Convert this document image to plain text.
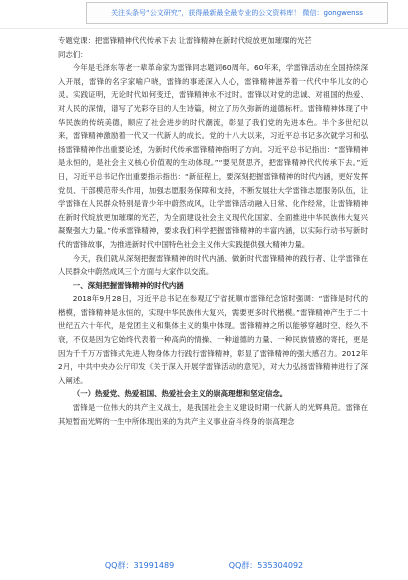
关注头条号“公文研究”，获得最新最全最专业的公文资料库！ 微信：gongwenss

专题党课：把雷锋精神代代传承下去 让雷锋精神在新时代绽放更加璀璨的光芒

同志们：

今年是毛泽东等老一辈革命家为雷锋同志题词60周年。60年来，学雷锋活动在全国持续深入开展，雷锋的名字家喻户晓，雷锋的事迹深入人心，雷锋精神滋养着一代代中华儿女的心灵。实践证明，无论时代如何变迁，雷锋精神永不过时。雷锋以对党的忠诚、对祖国的热爱、对人民的深情，谱写了光彩夺目的人生诗篇，树立了历久弥新的道德标杆。雷锋精神体现了中华民族的传统美德，顺应了社会进步的时代潮流，彰显了我们党的先进本色。半个多世纪以来，雷锋精神激励着一代又一代新人的成长。党的十八大以来，习近平总书记多次就学习和弘扬雷锋精神作出重要论述，为新时代传承雷锋精神指明了方向。习近平总书记指出：“雷锋精神是永恒的，是社会主义核心价值观的生动体现。”“要见贤思齐，把雷锋精神代代传承下去。”近日，习近平总书记作出重要指示指出：“新征程上，要深刻把握雷锋精神的时代内涵，更好发挥党员、干部模范带头作用，加强志愿服务保障和支持，不断发展壮大学雷锋志愿服务队伍，让学雷锋在人民群众特别是青少年中蔚然成风，让学雷锋活动融入日常、化作经常，让雷锋精神在新时代绽放更加璀璨的光芒，为全面建设社会主义现代化国家、全面推进中华民族伟大复兴凝聚强大力量。”传承雷锋精神，要求我们科学把握雷锋精神的丰富内涵，以实际行动书写新时代的雷锋故事，为推进新时代中国特色社会主义伟大实践提供强大精神力量。

今天，我们就从深刻把握雷锋精神的时代内涵、做新时代雷锋精神的践行者、让学雷锋在人民群众中蔚然成风三个方面与大家作以交流。

一、深刻把握雷锋精神的时代内涵

2018年9月28日，习近平总书记在参观辽宁省抚顺市雷锋纪念馆时强调：“雷锋是时代的楷模，雷锋精神是永恒的，实现中华民族伟大复兴，需要更多时代楷模。”雷锋精神产生于二十世纪五六十年代，是党团主义和集体主义的集中体现。雷锋精神之所以能够穿越时空、经久不衰，不仅是因为它始终代表着一种高尚的情操、一种道德的力量、一种民族情感的寄托，更是因为千千万万雷锋式先进人物身体力行践行雷锋精神，彰显了雷锋精神的强大感召力。2012年2月，中共中央办公厅印发《关于深入开展学雷锋活动的意见》，对大力弘扬雷锋精神进行了深入阐述。

（一）热爱党、热爱祖国、热爱社会主义的崇高理想和坚定信念。

雷锋是一位伟大的共产主义战士，是我国社会主义建设时期一代新人的光辉典范。雷锋在其短暂而光辉的一生中所体现出来的为共产主义事业奋斗终身的崇高理念

QQ群：31991489	QQ群：535304092
